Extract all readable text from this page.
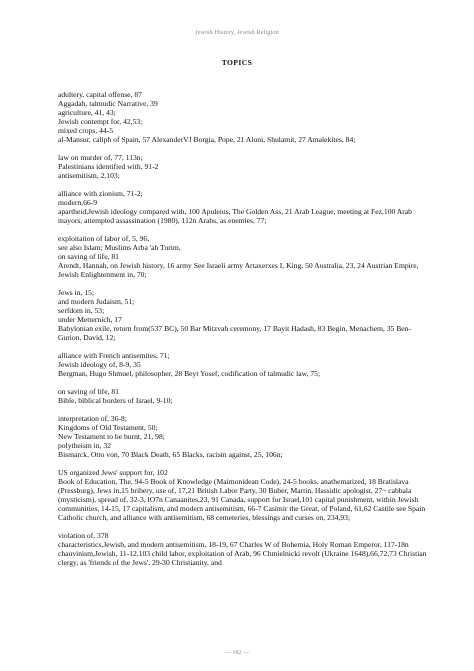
Jewish History, Jewish Religion
TOPICS
adultery, capital offense, 87
Aggadah, talmudic Narrative, 39
agriculture, 41, 43;
Jewish contempt for, 42,53;
mixed crops, 44-5
al-Mansur, caliph of Spain, 57 AlexanderVJ Borgia, Pope, 21 Aloni, Shulamit, 27 Amalekites, 84;
law on murder of, 77, 113n;
Palestinians identified with, 91-2
antisemitism, 2,103;
alliance with zionism, 71-2;
modern,66-9
apartheid,Jewish ideology compared with, 100 Apuleius, The Golden Ass, 21 Arab League, meeting at Fez,100 Arab mayors, attempted assassination (1980), 112n Arabs, as enemies, 77;
exploitation of labor of, 5, 96,
see also Islam; Muslims Arba 'ah Turim,
on saving of life, 81
Arendt, Hannah, on Jewish history, 16 army See Israeli army Artaxerxes I, King, 50 Australia, 23, 24 Austrian Empire, Jewish Enlightenment in, 70;
Jews in, 15;
and modern Judaism, 51;
serfdom in, 53;
under Metternich, 17
Babylonian exile, return from(537 BC), 50 Bar Mitzvah ceremony, 17 Bayit Hadash, 83 Begin, Menachem, 35 Ben-Gurion, David, 12;
alliance with French antisemites, 71;
Jewish ideology of, 8-9, 35
Bergman, Hugo Shmuel, philosopher, 28 Beyt Yosef, codification of talmudic law, 75;
on saving of life, 81
Bible, biblical borders of Israel, 9-10;
interpretation of, 36-8;
Kingdoms of Old Testament, 50;
New Testament to be burnt, 21, 98;
polytheism in, 32
Bismarck, Otto von, 70 Black Death, 65 Blacks, racism against, 25, 106n;
US organized Jews' support for, 102
Book of Education, The, 94-5 Book of Knowledge (Maimonidean Code), 24-5 books, anathematized, 18 Bratislava (Pressburg), Jews in,15 bribery, use of, 17,21 British Labor Party, 30 Buber, Martin, Hassidic apologist, 27~ cabbala (mysticism), spread of, 32-3, lO7n Canaanites,23, 91 Canada, support for Israel,101 capital punishment, within Jewish communities, 14-15, 17 capitalism, and modern antisemitism, 66-7 Casimir the Great, of Poland, 61,62 Castile see Spain Catholic church, and alliance with antisemitism, 68 cemeteries, blessings and curses on, 234,93;
violation of, 378
characteristics,Jewish, and modern antisemitism, 18-19, 67 Charles W of Bohemia, Holy Roman Emperor, 117-18n chauvinism,Jewish, 11-12,103 child labor, exploitation of Arab, 96 Chmielnicki revolt (Ukraine 1648),66,72,73 Christian clergy, as 'friends of the Jews', 29-30 Christianity, and
— 182 —
